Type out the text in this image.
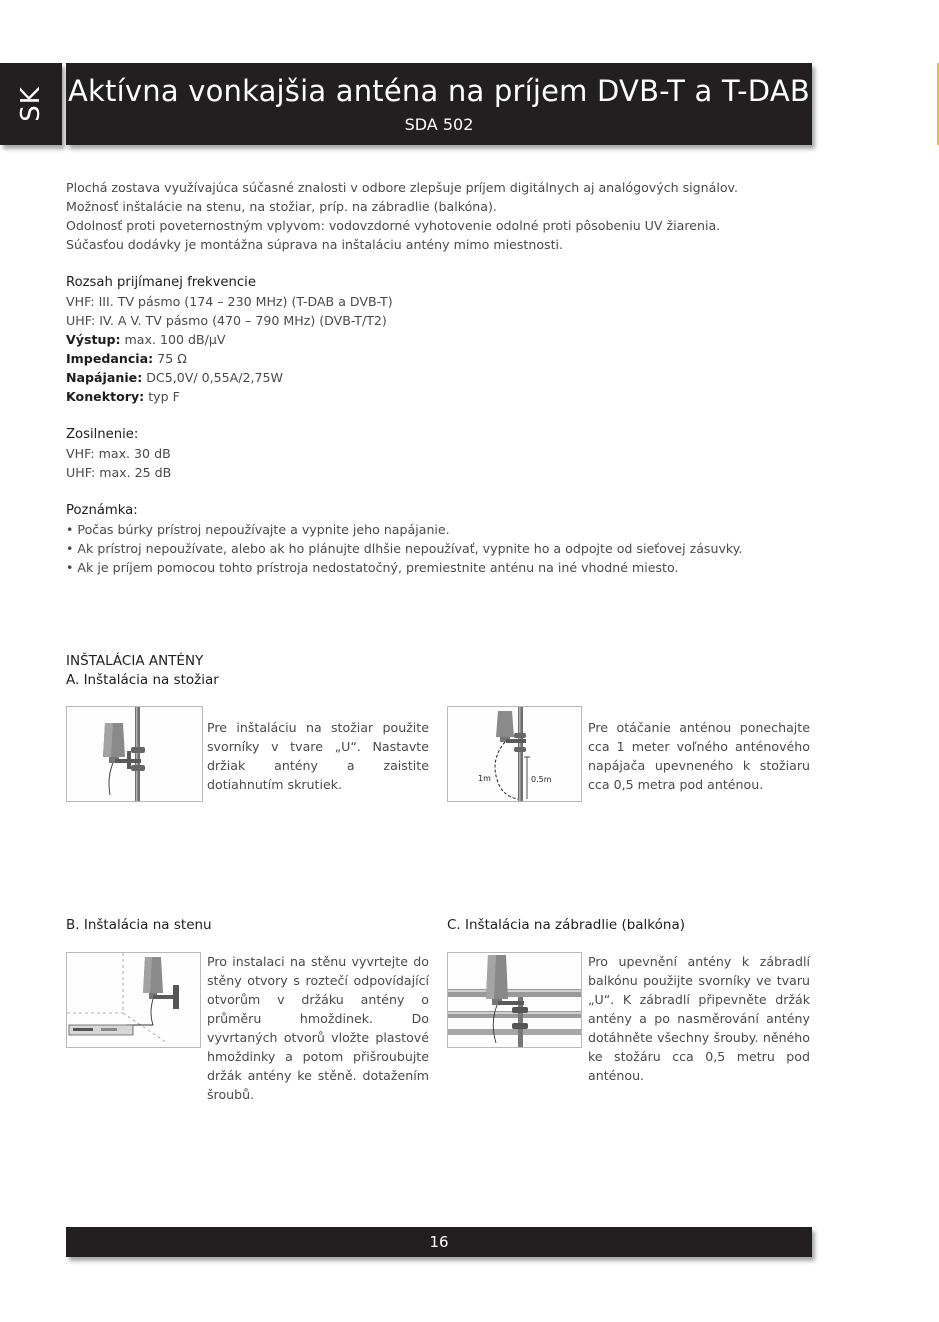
SK Aktívna vonkajšia anténa na príjem DVB-T a T-DAB
SDA 502

Plochá zostava využívajúca súčasné znalosti v odbore zlepšuje príjem digitálnych aj analógových signálov.

Možnosť inštalácie na stenu, na stožiar, príp. na zábradlie (balkóna).

Odolnosť proti poveternostným vplyvom: vodovzdorné vyhotovenie odolné proti pôsobeniu UV žiarenia.

Súčasťou dodávky je montážna súprava na inštaláciu antény mimo miestnosti.

Rozsah prijímanej frekvencie

VHF: III. TV pásmo (174 – 230 MHz) (T-DAB a DVB-T)

UHF: IV. A V. TV pásmo (470 – 790 MHz) (DVB-T/T2)

Výstup: max. 100 dB/µV

Impedancia: 75 Ω

Napájanie: DC5,0V/ 0,55A/2,75W

Konektory: typ F

Zosilnenie:

VHF: max. 30 dB

UHF: max. 25 dB

Poznámka:

• Počas búrky prístroj nepoužívajte a vypnite jeho napájanie.

• Ak prístroj nepoužívate, alebo ak ho plánujte dlhšie nepoužívať, vypnite ho a odpojte od sieťovej zásuvky.

• Ak je príjem pomocou tohto prístroja nedostatočný, premiestnite anténu na iné vhodné miesto.

INŠTALÁCIA ANTÉNY
A. Inštalácia na stožiar
Pre inštaláciu na stožiar použite svorníky v tvare „U“. Nastavte držiak antény a zaistite dotiahnutím skrutiek.	1m	0.5m
Pre otáčanie anténou ponechajte cca 1 meter voľného anténového napájača upevneného k stožiaru cca 0,5 metra pod anténou.
B. Inštalácia na stenu	C. Inštalácia na zábradlie (balkóna)
Pro instalaci na stěnu vyvrtejte do stěny otvory s roztečí odpovídající otvorům v držáku antény o průměru hmoždinek. Do vyvrtaných otvorů vložte plastové hmoždinky a potom přišroubujte držák antény ke stěně. dotažením šroubů.
Pro upevnění antény k zábradlí balkónu použijte svorníky ve tvaru „U“. K zábradlí připevněte držák antény a po nasměrování antény dotáhněte všechny šrouby. něného ke stožáru cca 0,5 metru pod anténou.
16
